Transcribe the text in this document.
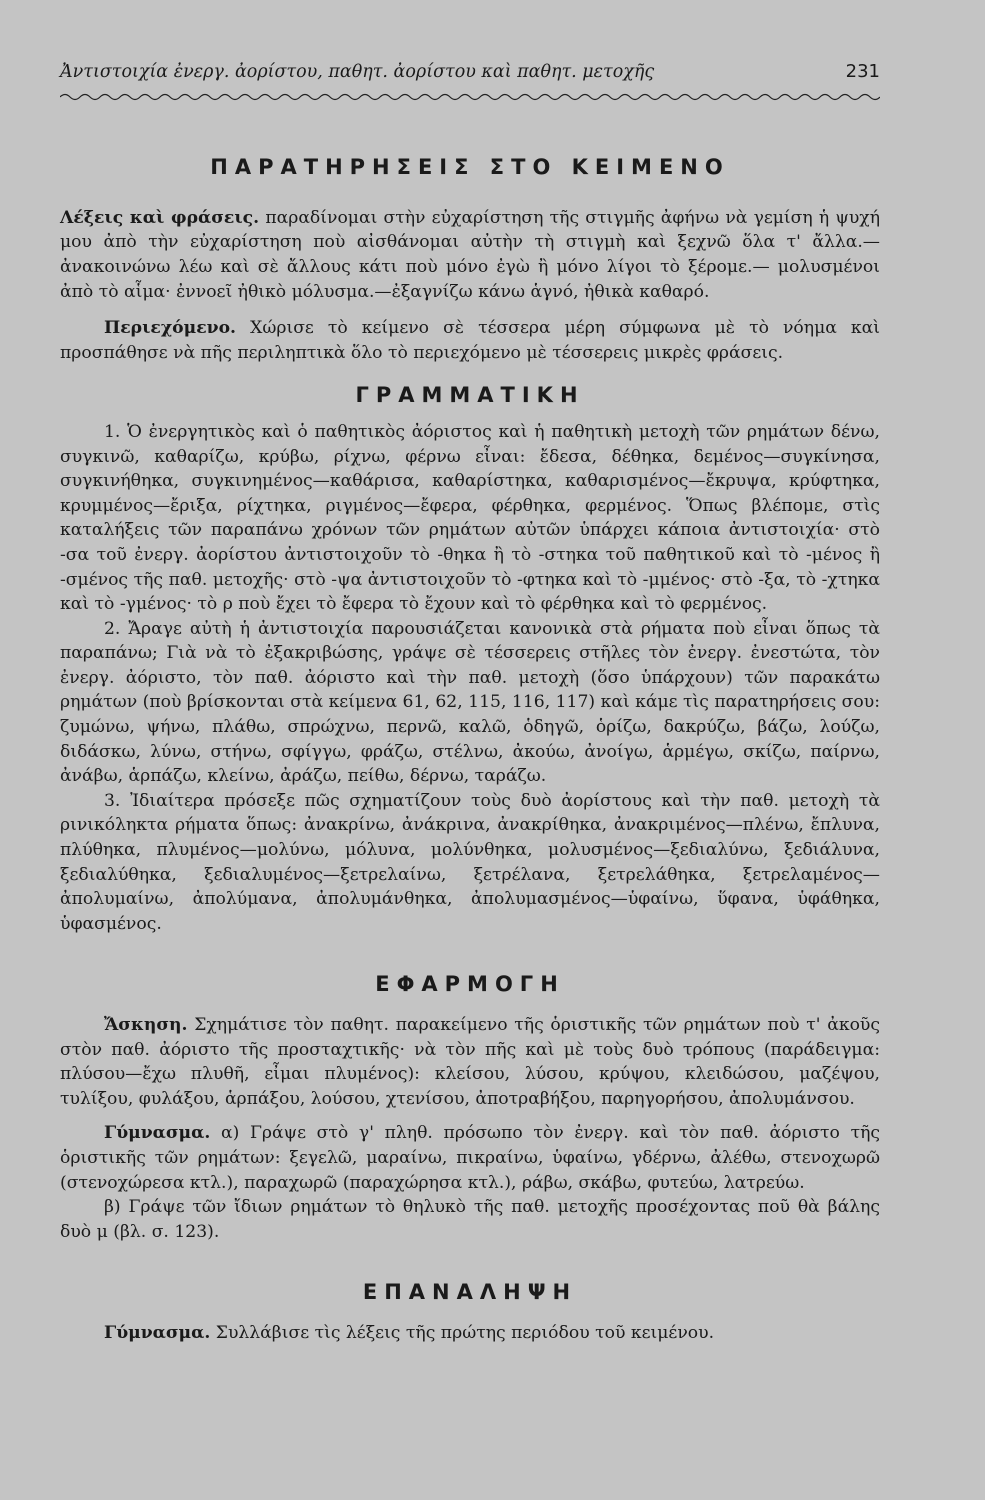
Ἀντιστοιχία ἐνεργ. ἀορίστου, παθητ. ἀορίστου καὶ παθητ. μετοχῆς	231
ΠΑΡΑΤΗΡΗΣΕΙΣ ΣΤΟ ΚΕΙΜΕΝΟ

Λέξεις καὶ φράσεις. παραδίνομαι στὴν εὐχαρίστηση τῆς στιγμῆς ἀφήνω νὰ γεμίση ἡ ψυχή μου ἀπὸ τὴν εὐχαρίστηση ποὺ αἰσθάνομαι αὐτὴν τὴ στιγμὴ καὶ ξεχνῶ ὅλα τ' ἄλλα.—ἀνακοινώνω λέω καὶ σὲ ἄλλους κάτι ποὺ μόνο ἐγὼ ἢ μόνο λίγοι τὸ ξέρομε.— μολυσμένοι ἀπὸ τὸ αἷμα· ἐννοεῖ ἠθικὸ μόλυσμα.—ἐξαγνίζω κάνω ἁγνό, ἠθικὰ καθαρό.

Περιεχόμενο. Χώρισε τὸ κείμενο σὲ τέσσερα μέρη σύμφωνα μὲ τὸ νόημα καὶ προσπάθησε νὰ πῆς περιληπτικὰ ὅλο τὸ περιεχόμενο μὲ τέσσερεις μικρὲς φράσεις.

ΓΡΑΜΜΑΤΙΚΗ

1. Ὁ ἐνεργητικὸς καὶ ὁ παθητικὸς ἀόριστος καὶ ἡ παθητικὴ μετοχὴ τῶν ρημάτων δένω, συγκινῶ, καθαρίζω, κρύβω, ρίχνω, φέρνω εἶναι: ἔδεσα, δέθηκα, δεμένος—συγκίνησα, συγκινήθηκα, συγκινημένος—καθάρισα, καθαρίστηκα, καθαρισμένος—ἔκρυψα, κρύφτηκα, κρυμμένος—ἔριξα, ρίχτηκα, ριγμένος—ἔφερα, φέρθηκα, φερμένος. Ὅπως βλέπομε, στὶς καταλήξεις τῶν παραπάνω χρόνων τῶν ρημάτων αὐτῶν ὑπάρχει κάποια ἀντιστοιχία· στὸ -σα τοῦ ἐνεργ. ἀορίστου ἀντιστοιχοῦν τὸ -θηκα ἢ τὸ -στηκα τοῦ παθητικοῦ καὶ τὸ -μένος ἢ -σμένος τῆς παθ. μετοχῆς· στὸ -ψα ἀντιστοιχοῦν τὸ -φτηκα καὶ τὸ -μμένος· στὸ -ξα, τὸ -χτηκα καὶ τὸ -γμένος· τὸ ρ ποὺ ἔχει τὸ ἔφερα τὸ ἔχουν καὶ τὸ φέρθηκα καὶ τὸ φερμένος.

2. Ἄραγε αὐτὴ ἡ ἀντιστοιχία παρουσιάζεται κανονικὰ στὰ ρήματα ποὺ εἶναι ὅπως τὰ παραπάνω; Γιὰ νὰ τὸ ἐξακριβώσης, γράψε σὲ τέσσερεις στῆλες τὸν ἐνεργ. ἐνεστώτα, τὸν ἐνεργ. ἀόριστο, τὸν παθ. ἀόριστο καὶ τὴν παθ. μετοχὴ (ὅσο ὑπάρχουν) τῶν παρακάτω ρημάτων (ποὺ βρίσκονται στὰ κείμενα 61, 62, 115, 116, 117) καὶ κάμε τὶς παρατηρήσεις σου: ζυμώνω, ψήνω, πλάθω, σπρώχνω, περνῶ, καλῶ, ὁδηγῶ, ὁρίζω, δακρύζω, βάζω, λούζω, διδάσκω, λύνω, στήνω, σφίγγω, φράζω, στέλνω, ἀκούω, ἀνοίγω, ἁρμέγω, σκίζω, παίρνω, ἀνάβω, ἁρπάζω, κλείνω, ἀράζω, πείθω, δέρνω, ταράζω.

3. Ἰδιαίτερα πρόσεξε πῶς σχηματίζουν τοὺς δυὸ ἀορίστους καὶ τὴν παθ. μετοχὴ τὰ ρινικόληκτα ρήματα ὅπως: ἀνακρίνω, ἀνάκρινα, ἀνακρίθηκα, ἀνακριμένος—πλένω, ἔπλυνα, πλύθηκα, πλυμένος—μολύνω, μόλυνα, μολύνθηκα, μολυσμένος—ξεδιαλύνω, ξεδιάλυνα, ξεδιαλύθηκα, ξεδιαλυμένος—ξετρελαίνω, ξετρέλανα, ξετρελάθηκα, ξετρελαμένος—ἀπολυμαίνω, ἀπολύμανα, ἀπολυμάνθηκα, ἀπολυμασμένος—ὑφαίνω, ὕφανα, ὑφάθηκα, ὑφασμένος.

ΕΦΑΡΜΟΓΗ

Ἄσκηση. Σχημάτισε τὸν παθητ. παρακείμενο τῆς ὁριστικῆς τῶν ρημάτων ποὺ τ' ἀκοῦς στὸν παθ. ἀόριστο τῆς προσταχτικῆς· νὰ τὸν πῆς καὶ μὲ τοὺς δυὸ τρόπους (παράδειγμα: πλύσου—ἔχω πλυθῆ, εἶμαι πλυμένος): κλείσου, λύσου, κρύψου, κλειδώσου, μαζέψου, τυλίξου, φυλάξου, ἁρπάξου, λούσου, χτενίσου, ἀποτραβήξου, παρηγορήσου, ἀπολυμάνσου.

Γύμνασμα. α) Γράψε στὸ γ' πληθ. πρόσωπο τὸν ἐνεργ. καὶ τὸν παθ. ἀόριστο τῆς ὁριστικῆς τῶν ρημάτων: ξεγελῶ, μαραίνω, πικραίνω, ὑφαίνω, γδέρνω, ἀλέθω, στενοχωρῶ (στενοχώρεσα κτλ.), παραχωρῶ (παραχώρησα κτλ.), ράβω, σκάβω, φυτεύω, λατρεύω.

β) Γράψε τῶν ἴδιων ρημάτων τὸ θηλυκὸ τῆς παθ. μετοχῆς προσέχοντας ποῦ θὰ βάλης δυὸ μ (βλ. σ. 123).

ΕΠΑΝΑΛΗΨΗ

Γύμνασμα. Συλλάβισε τὶς λέξεις τῆς πρώτης περιόδου τοῦ κειμένου.
